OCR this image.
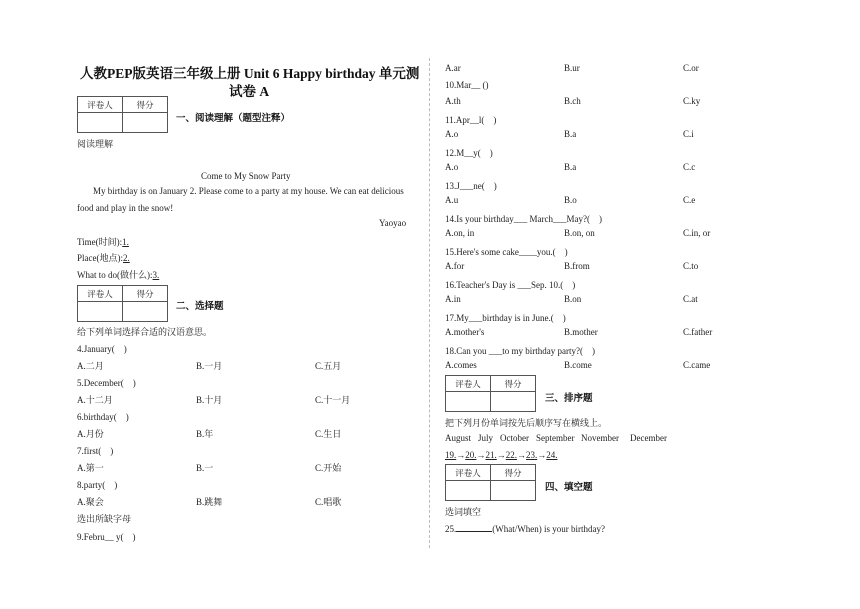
人教PEP版英语三年级上册 Unit 6 Happy birthday 单元测
试卷 A
评卷人	得分

一、阅读理解（题型注释）
阅读理解
Come to My Snow Party
My birthday is on January 2. Please come to a party at my house. We can eat delicious
food and play in the snow!
Yaoyao
Time(时间):1.
Place(地点):2.
What to do(做什么):3.
评卷人	得分

二、选择题
给下列单词选择合适的汉语意思。
4.January(　)
A.二月	B.一月	C.五月
5.December(　)
A.十二月	B.十月	C.十一月
6.birthday(　)
A.月份	B.年	C.生日
7.first(　)
A.第一	B.一	C.开始
8.party(　)
A.聚会	B.跳舞	C.唱歌
选出所缺字母
9.Febru__ y(　)
A.ar	B.ur	C.or
10.Mar__ ()
A.th	B.ch	C.ky
11.Apr__l(　)
A.o	B.a	C.i
12.M__y(　)
A.o	B.a	C.c
13.J___ne(　)
A.u	B.o	C.e
14.Is your birthday___ March___May?(　)
A.on, in	B.on, on	C.in, or
15.Here's some cake____you.(　)
A.for	B.from	C.to
16.Teacher's Day is ___Sep. 10.(　)
A.in	B.on	C.at
17.My___birthday is in June.(　)
A.mother's	B.mother	C.father
18.Can you ___to my birthday party?(　)
A.comes	B.come	C.came
评卷人	得分

三、排序题
把下列月份单词按先后顺序写在横线上。
August July October September November December
19.→20.→21.→22.→23.→24.
评卷人	得分

四、填空题
选词填空
25.	(What/When) is your birthday?
